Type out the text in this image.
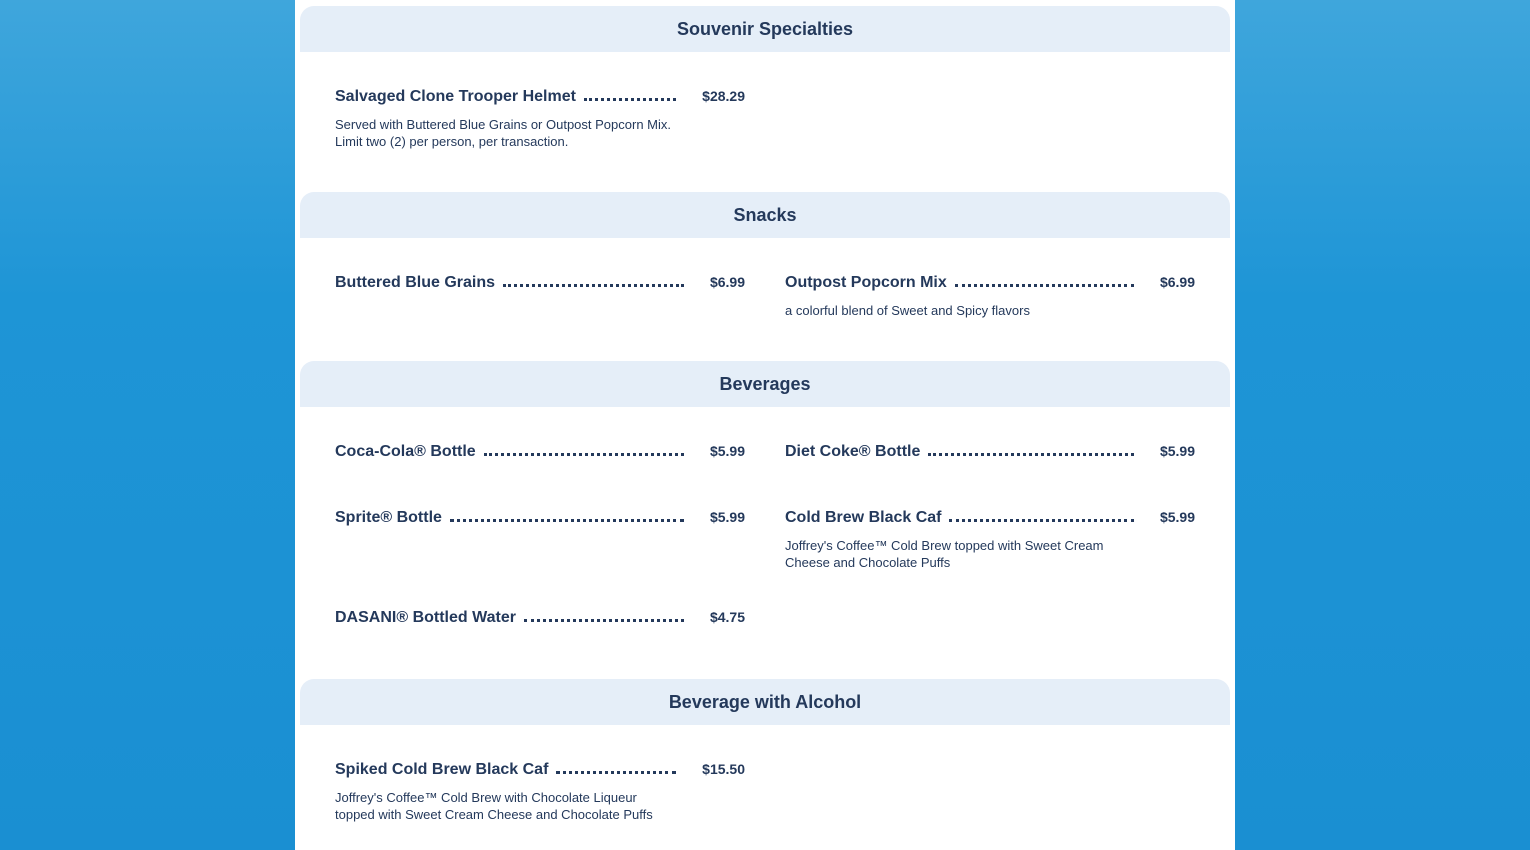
Souvenir Specialties
Salvaged Clone Trooper Helmet	$28.29
Served with Buttered Blue Grains or Outpost Popcorn Mix. Limit two (2) per person, per transaction.
Snacks
Buttered Blue Grains	$6.99	Outpost Popcorn Mix	$6.99
a colorful blend of Sweet and Spicy flavors
Beverages
Coca-Cola® Bottle	$5.99	Diet Coke® Bottle	$5.99
Sprite® Bottle	$5.99	Cold Brew Black Caf	$5.99
Joffrey's Coffee™ Cold Brew topped with Sweet Cream Cheese and Chocolate Puffs
DASANI® Bottled Water	$4.75
Beverage with Alcohol
Spiked Cold Brew Black Caf	$15.50
Joffrey's Coffee™ Cold Brew with Chocolate Liqueur topped with Sweet Cream Cheese and Chocolate Puffs
